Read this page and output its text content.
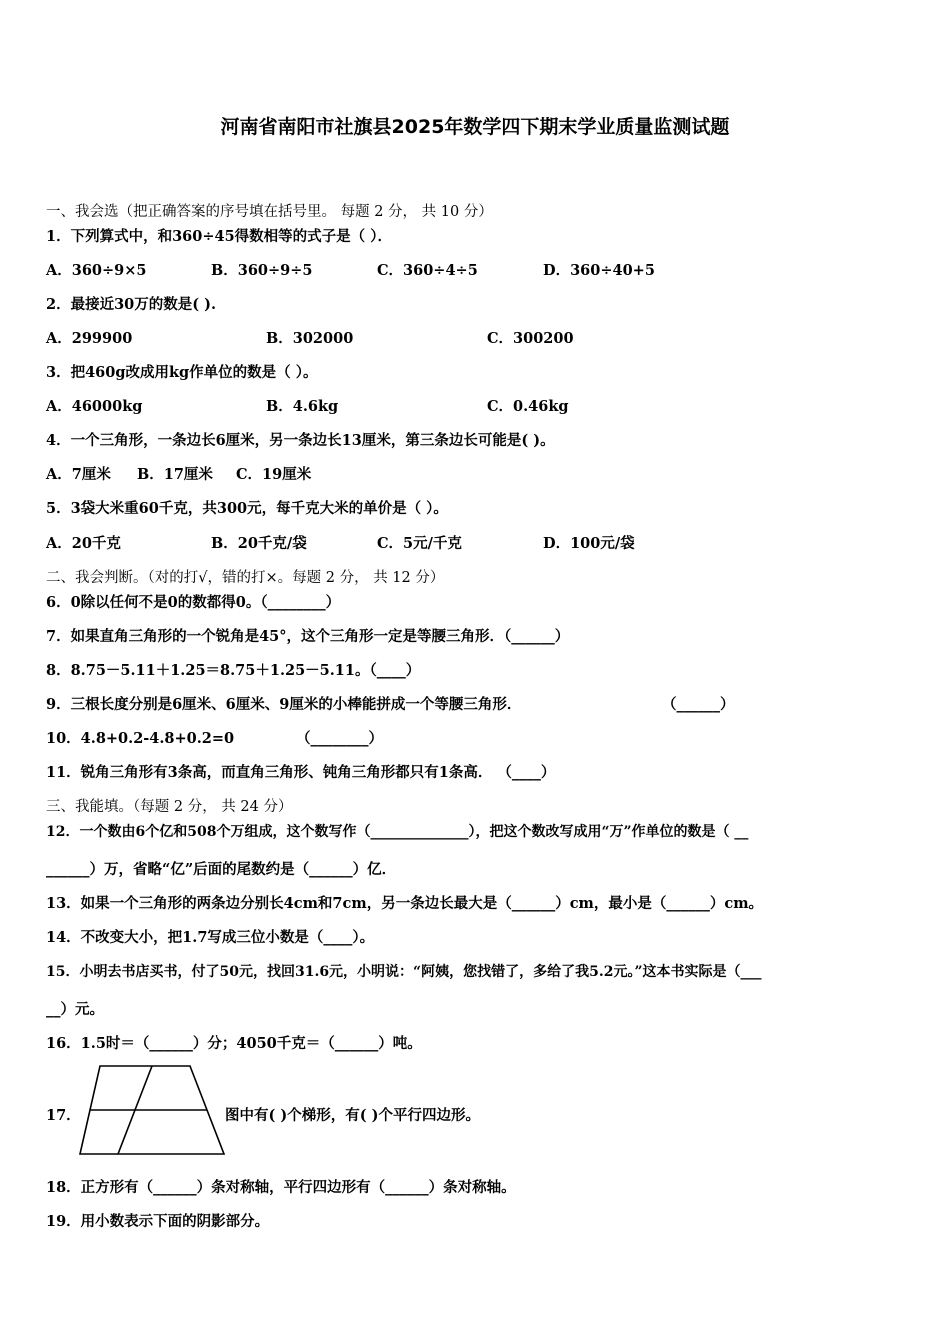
河南省南阳市社旗县2025年数学四下期末学业质量监测试题
一、我会选（把正确答案的序号填在括号里。 每题 2 分， 共 10 分）
1．下列算式中，和360÷45得数相等的式子是（ ）．
A．360÷9×5	B．360÷9÷5	C．360÷4÷5	D．360÷40+5
2．最接近30万的数是( ).
A．299900	B．302000	C．300200
3．把460g改成用kg作单位的数是（ ）。
A．46000kg	B．4.6kg	C．0.46kg
4．一个三角形，一条边长6厘米，另一条边长13厘米，第三条边长可能是( )。
A．7厘米 B．17厘米 C．19厘米
5．3袋大米重60千克，共300元，每千克大米的单价是（ ）。
A．20千克	B．20千克/袋	C．5元/千克	D．100元/袋
二、我会判断。（对的打√，错的打×。每题 2 分， 共 12 分）
6．0除以任何不是0的数都得0。（________）
7．如果直角三角形的一个锐角是45°，这个三角形一定是等腰三角形．（______）
8．8.75－5.11＋1.25＝8.75＋1.25－5.11。（____）
9．三根长度分别是6厘米、6厘米、9厘米的小棒能拼成一个等腰三角形．	（______）
10．4.8+0.2-4.8+0.2=0	（________）
11．锐角三角形有3条高，而直角三角形、钝角三角形都只有1条高． （____）
三、我能填。（每题 2 分， 共 24 分）
12．一个数由6个亿和508个万组成，这个数写作（______________），把这个数改写成用“万”作单位的数是（ __
______）万，省略“亿”后面的尾数约是（______）亿．
13．如果一个三角形的两条边分别长4cm和7cm，另一条边长最大是（______）cm，最小是（______）cm。
14．不改变大小，把1.7写成三位小数是（____）。
15．小明去书店买书，付了50元，找回31.6元，小明说：“阿姨，您找错了，多给了我5.2元。”这本书实际是（___
__）元。
16．1.5时＝（______）分；4050千克＝（______）吨。
17．	图中有( )个梯形，有( )个平行四边形。
18．正方形有（______）条对称轴，平行四边形有（______）条对称轴。
19．用小数表示下面的阴影部分。
